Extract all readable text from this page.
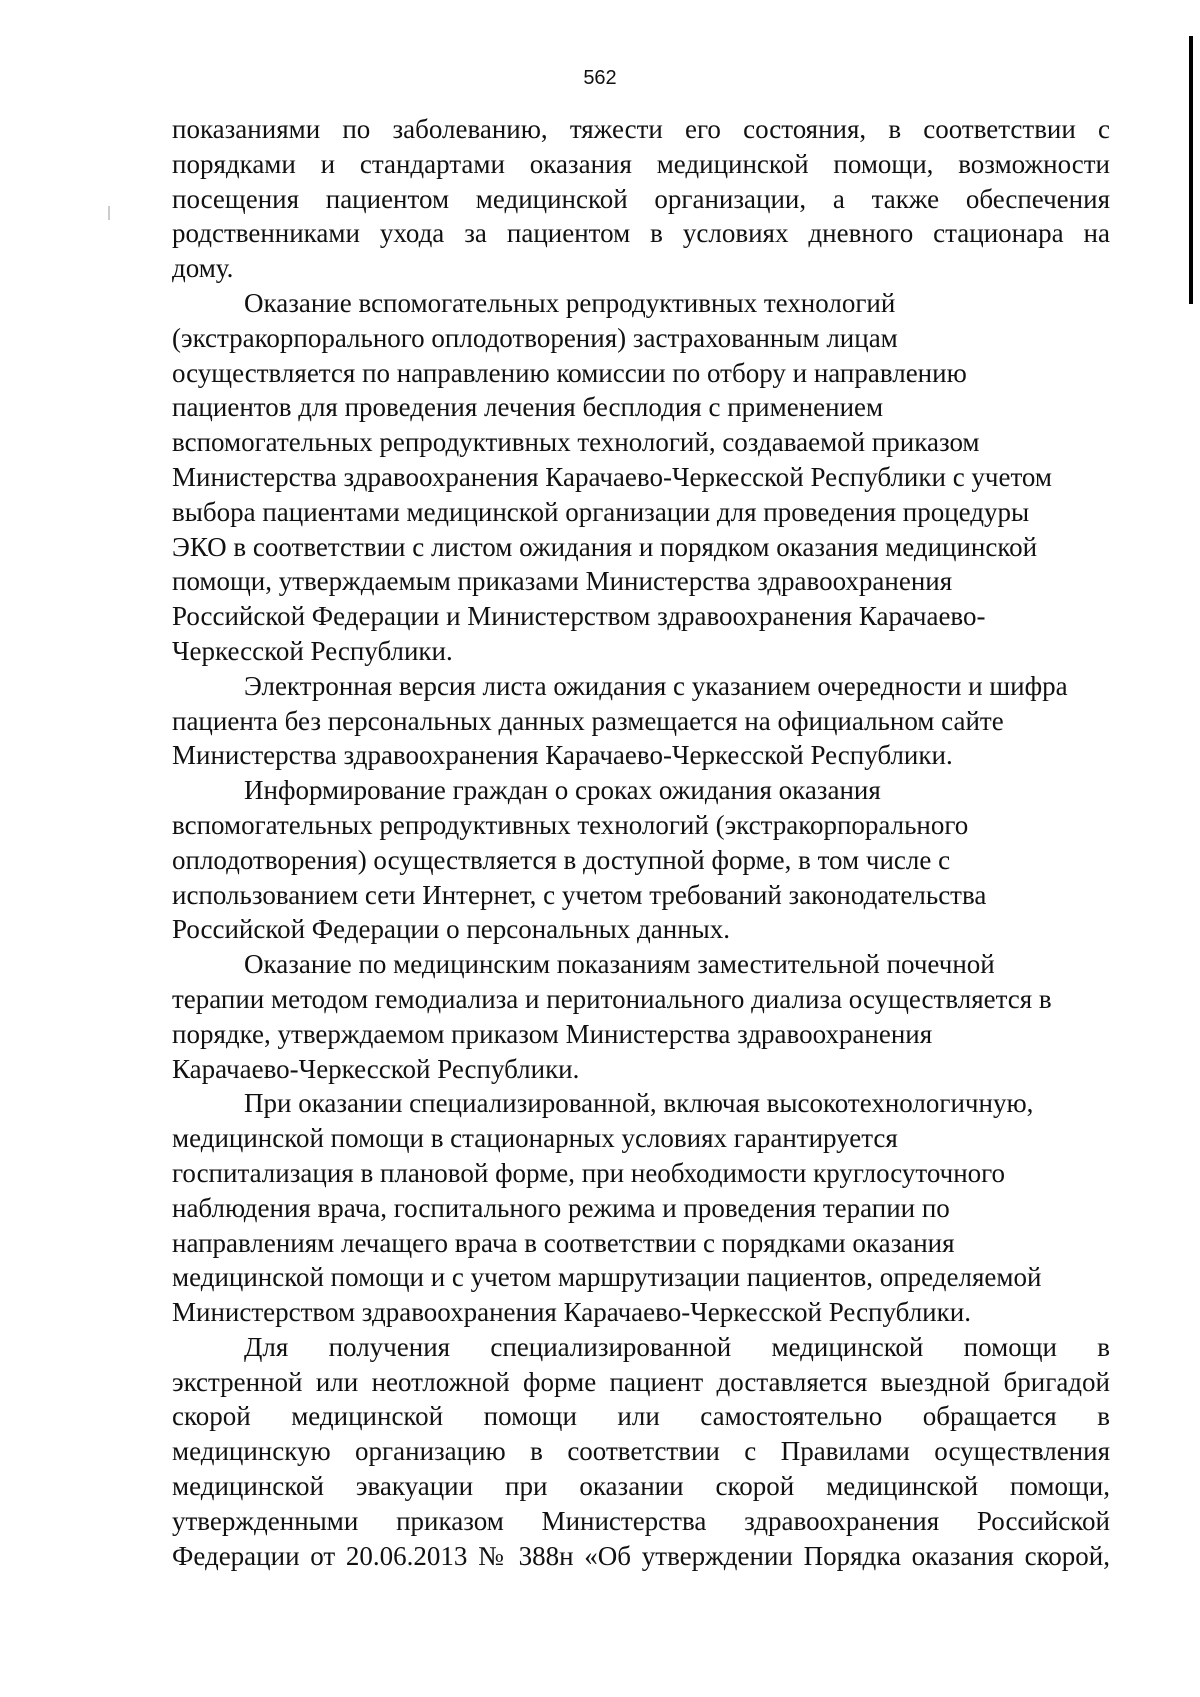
562

показаниями по заболеванию, тяжести его состояния, в соответствии с
порядками и стандартами оказания медицинской помощи, возможности
посещения пациентом медицинской организации, а также обеспечения
родственниками ухода за пациентом в условиях дневного стационара на
дому.

Оказание вспомогательных репродуктивных технологий
(экстракорпорального оплодотворения) застрахованным лицам
осуществляется по направлению комиссии по отбору и направлению
пациентов для проведения лечения бесплодия с применением
вспомогательных репродуктивных технологий, создаваемой приказом
Министерства здравоохранения Карачаево-Черкесской Республики с учетом
выбора пациентами медицинской организации для проведения процедуры
ЭКО в соответствии с листом ожидания и порядком оказания медицинской
помощи, утверждаемым приказами Министерства здравоохранения
Российской Федерации и Министерством здравоохранения Карачаево-
Черкесской Республики.

Электронная версия листа ожидания с указанием очередности и шифра
пациента без персональных данных размещается на официальном сайте
Министерства здравоохранения Карачаево-Черкесской Республики.

Информирование граждан о сроках ожидания оказания
вспомогательных репродуктивных технологий (экстракорпорального
оплодотворения) осуществляется в доступной форме, в том числе с
использованием сети Интернет, с учетом требований законодательства
Российской Федерации о персональных данных.

Оказание по медицинским показаниям заместительной почечной
терапии методом гемодиализа и перитониального диализа осуществляется в
порядке, утверждаемом приказом Министерства здравоохранения
Карачаево-Черкесской Республики.

При оказании специализированной, включая высокотехнологичную,
медицинской помощи в стационарных условиях гарантируется
госпитализация в плановой форме, при необходимости круглосуточного
наблюдения врача, госпитального режима и проведения терапии по
направлениям лечащего врача в соответствии с порядками оказания
медицинской помощи и с учетом маршрутизации пациентов, определяемой
Министерством здравоохранения Карачаево-Черкесской Республики.

Для получения специализированной медицинской помощи в
экстренной или неотложной форме пациент доставляется выездной бригадой
скорой медицинской помощи или самостоятельно обращается в
медицинскую организацию в соответствии с Правилами осуществления
медицинской эвакуации при оказании скорой медицинской помощи,
утвержденными приказом Министерства здравоохранения Российской
Федерации от 20.06.2013 № 388н «Об утверждении Порядка оказания скорой,
